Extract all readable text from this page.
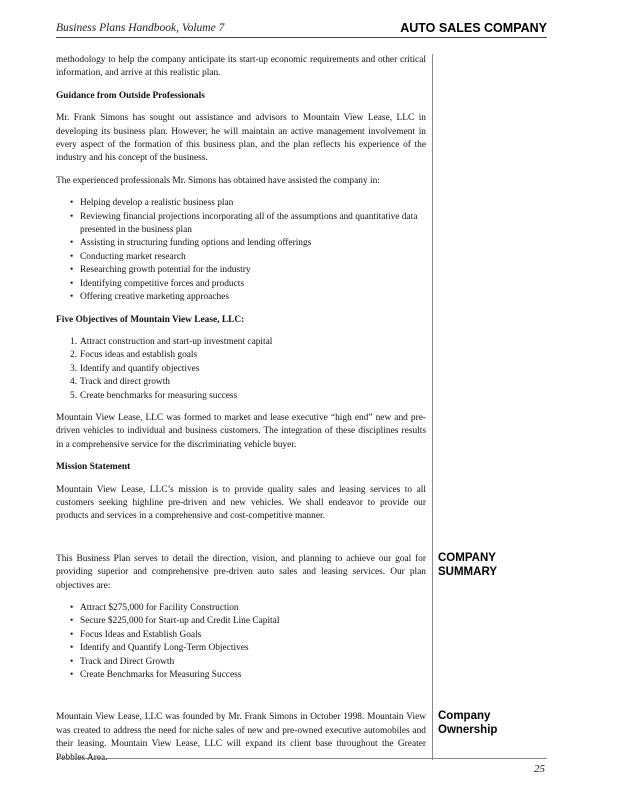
Business Plans Handbook, Volume 7	AUTO SALES COMPANY

methodology to help the company anticipate its start-up economic requirements and other critical information, and arrive at this realistic plan.

Guidance from Outside Professionals

Mr. Frank Simons has sought out assistance and advisors to Mountain View Lease, LLC in developing its business plan. However, he will maintain an active management involvement in every aspect of the formation of this business plan, and the plan reflects his experience of the industry and his concept of the business.

The experienced professionals Mr. Simons has obtained have assisted the company in:

• Helping develop a realistic business plan
• Reviewing financial projections incorporating all of the assumptions and quantitative data presented in the business plan
• Assisting in structuring funding options and lending offerings
• Conducting market research
• Researching growth potential for the industry
• Identifying competitive forces and products
• Offering creative marketing approaches
Five Objectives of Mountain View Lease, LLC:
1. Attract construction and start-up investment capital
2. Focus ideas and establish goals
3. Identify and quantify objectives
4. Track and direct growth
5. Create benchmarks for measuring success

Mountain View Lease, LLC was formed to market and lease executive “high end” new and pre-driven vehicles to individual and business customers. The integration of these disciplines results in a comprehensive service for the discriminating vehicle buyer.

Mission Statement

Mountain View Lease, LLC’s mission is to provide quality sales and leasing services to all customers seeking highline pre-driven and new vehicles. We shall endeavor to provide our products and services in a comprehensive and cost-competitive manner.

This Business Plan serves to detail the direction, vision, and planning to achieve our goal for providing superior and comprehensive pre-driven auto sales and leasing services. Our plan objectives are:

• Attract $275,000 for Facility Construction
• Secure $225,000 for Start-up and Credit Line Capital
• Focus Ideas and Establish Goals
• Identify and Quantify Long-Term Objectives
• Track and Direct Growth
• Create Benchmarks for Measuring Success

Mountain View Lease, LLC was founded by Mr. Frank Simons in October 1998. Mountain View was created to address the need for niche sales of new and pre-owned executive automobiles and their leasing. Mountain View Lease, LLC will expand its client base throughout the Greater Pebbles Area.

COMPANY
SUMMARY
Company
Ownership
25
